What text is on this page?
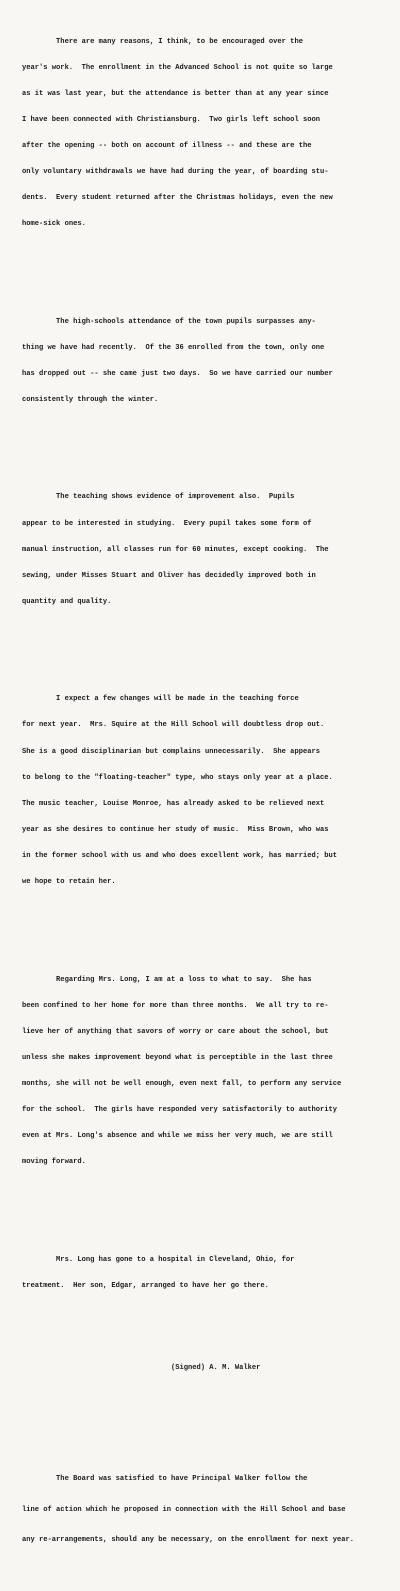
There are many reasons, I think, to be encouraged over the

year's work.  The enrollment in the Advanced School is not quite so large

as it was last year, but the attendance is better than at any year since

I have been connected with Christiansburg.  Two girls left school soon

after the opening -- both on account of illness -- and these are the

only voluntary withdrawals we have had during the year, of boarding stu-

dents.  Every student returned after the Christmas holidays, even the new

home-sick ones.

The high-schools attendance of the town pupils surpasses any-

thing we have had recently.  Of the 36 enrolled from the town, only one

has dropped out -- she came just two days.  So we have carried our number

consistently through the winter.

The teaching shows evidence of improvement also.  Pupils

appear to be interested in studying.  Every pupil takes some form of

manual instruction, all classes run for 60 minutes, except cooking.  The

sewing, under Misses Stuart and Oliver has decidedly improved both in

quantity and quality.

I expect a few changes will be made in the teaching force

for next year.  Mrs. Squire at the Hill School will doubtless drop out.

She is a good disciplinarian but complains unnecessarily.  She appears

to belong to the "floating-teacher" type, who stays only year at a place.

The music teacher, Louise Monroe, has already asked to be relieved next

year as she desires to continue her study of music.  Miss Brown, who was

in the former school with us and who does excellent work, has married; but

we hope to retain her.

Regarding Mrs. Long, I am at a loss to what to say.  She has

been confined to her home for more than three months.  We all try to re-

lieve her of anything that savors of worry or care about the school, but

unless she makes improvement beyond what is perceptible in the last three

months, she will not be well enough, even next fall, to perform any service

for the school.  The girls have responded very satisfactorily to authority

even at Mrs. Long's absence and while we miss her very much, we are still

moving forward.

Mrs. Long has gone to a hospital in Cleveland, Ohio, for

treatment.  Her son, Edgar, arranged to have her go there.

(Signed) A. M. Walker

The Board was satisfied to have Principal Walker follow the

line of action which he proposed in connection with the Hill School and base

any re-arrangements, should any be necessary, on the enrollment for next year.
